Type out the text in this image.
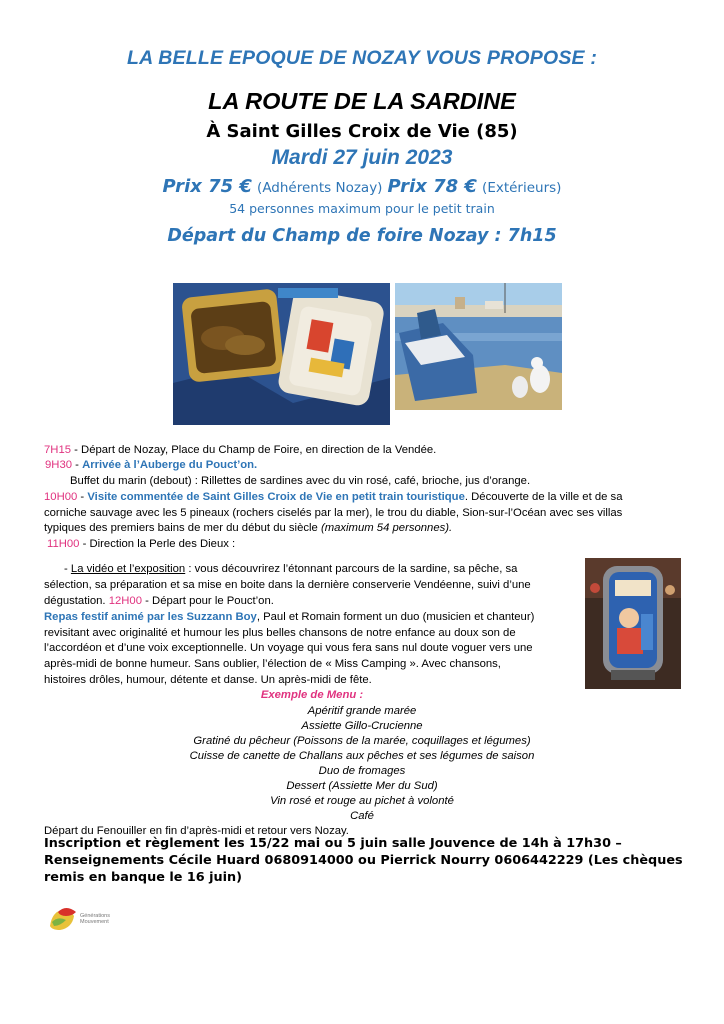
LA BELLE EPOQUE DE NOZAY VOUS PROPOSE :
LA ROUTE DE LA SARDINE
À Saint Gilles Croix de Vie (85)
Mardi 27 juin 2023
Prix 75 € (Adhérents Nozay) Prix 78 € (Extérieurs)
54 personnes maximum pour le petit train
Départ du Champ de foire Nozay : 7h15
7H15 - Départ de Nozay, Place du Champ de Foire, en direction de la Vendée.
9H30 - Arrivée à l’Auberge du Pouct’on.
Buffet du marin (debout) : Rillettes de sardines avec du vin rosé, café, brioche, jus d’orange.
10H00 - Visite commentée de Saint Gilles Croix de Vie en petit train touristique. Découverte de la ville et de sa
corniche sauvage avec les 5 pineaux (rochers ciselés par la mer), le trou du diable, Sion-sur-l’Océan avec ses villas
typiques des premiers bains de mer du début du siècle (maximum 54 personnes).
11H00 - Direction la Perle des Dieux :
- La vidéo et l’exposition : vous découvrirez l’étonnant parcours de la sardine, sa pêche, sa
sélection, sa préparation et sa mise en boite dans la dernière conserverie Vendéenne, suivi d’une
dégustation. 12H00 - Départ pour le Pouct’on.
Repas festif animé par les Suzzann Boy, Paul et Romain forment un duo (musicien et chanteur)
revisitant avec originalité et humour les plus belles chansons de notre enfance au doux son de
l’accordéon et d’une voix exceptionnelle. Un voyage qui vous fera sans nul doute voguer vers une
après-midi de bonne humeur. Sans oublier, l’élection de « Miss Camping ». Avec chansons,
histoires drôles, humour, détente et danse. Un après-midi de fête.
Exemple de Menu :
Apéritif grande marée
Assiette Gillo-Crucienne
Gratiné du pêcheur (Poissons de la marée, coquillages et légumes)
Cuisse de canette de Challans aux pêches et ses légumes de saison
Duo de fromages
Dessert (Assiette Mer du Sud)
Vin rosé et rouge au pichet à volonté
Café
Départ du Fenouiller en fin d’après-midi et retour vers Nozay.
Inscription et règlement les 15/22 mai ou 5 juin salle Jouvence de 14h à 17h30 – Renseignements Cécile Huard 0680914000 ou Pierrick Nourry 0606442229 (Les chèques remis en banque le 16 juin)
Générations
Mouvement
